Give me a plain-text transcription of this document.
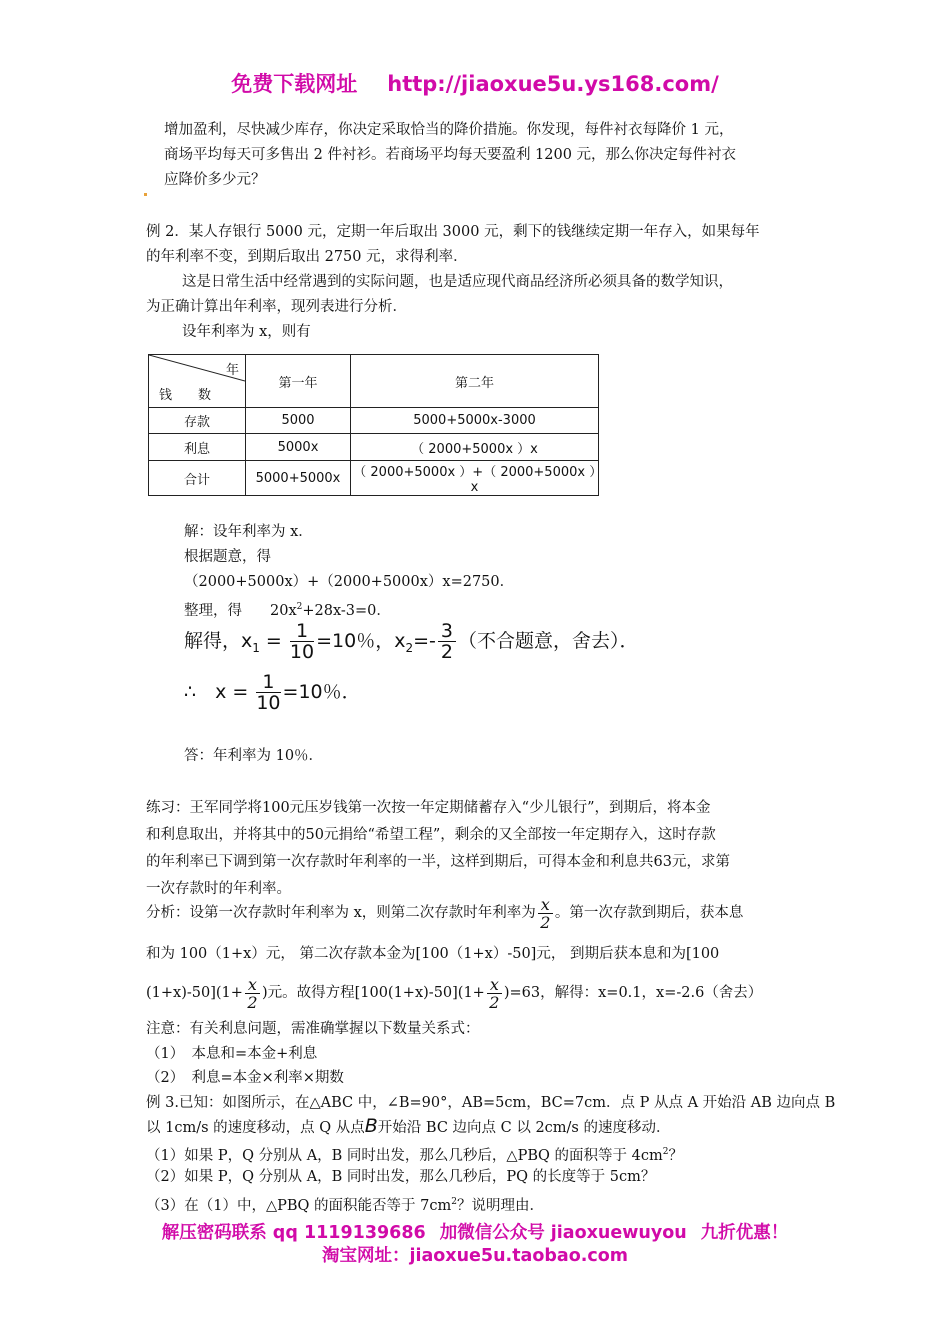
免费下载网址 http://jiaoxue5u.ys168.com/
增加盈利，尽快减少库存，你决定采取恰当的降价措施。你发现，每件衬衣每降价 1 元，
商场平均每天可多售出 2 件衬衫。若商场平均每天要盈利 1200 元，那么你决定每件衬衣
应降价多少元？
例 2．某人存银行 5000 元，定期一年后取出 3000 元，剩下的钱继续定期一年存入，如果每年
的年利率不变，到期后取出 2750 元，求得利率．
这是日常生活中经常遇到的实际问题，也是适应现代商品经济所必须具备的数学知识，
为正确计算出年利率，现列表进行分析．
设年利率为 x，则有
年
钱　　数	第一年	第二年
存款	5000	5000+5000x-3000
利息	5000x	（ 2000+5000x ）x
合计	5000+5000x	（ 2000+5000x ）+（ 2000+5000x ）x
解：设年利率为 x．
根据题意，得
（2000+5000x）+（2000+5000x）x=2750．
整理，得 $20x^2+28x-3=0$．
解得，$x_1 = \frac{1}{10} =10$％，$x_2=- \frac{3}{2}$ （不合题意，舍去）．
∴　$x = \frac{1}{10} =10$％．
答：年利率为 10％．
练习：王军同学将100元压岁钱第一次按一年定期储蓄存入“少儿银行”，到期后，将本金
和利息取出，并将其中的50元捐给“希望工程”，剩余的又全部按一年定期存入，这时存款
的年利率已下调到第一次存款时年利率的一半，这样到期后，可得本金和利息共63元，求第
一次存款时的年利率。
分析：设第一次存款时年利率为 x，则第二次存款时年利率为 $\frac{x}{2}$ 。第一次存款到期后，获本息
和为 100（1+x）元， 第二次存款本金为[100（1+x）-50]元， 到期后获本息和为[100
$(1+x)-50](1+ \frac{x}{2}$ )元。故得方程$[100(1+x)-50](1+ \frac{x}{2} )=63$，解得：x=0.1，x=-2.6（舍去）
注意：有关利息问题，需准确掌握以下数量关系式：
（1）　本息和=本金+利息
（2）　利息=本金×利率×期数
例 3.已知：如图所示，在△ABC 中，∠B=90°，AB=5cm，BC=7cm．点 P 从点 A 开始沿 AB 边向点 B
以 1cm/s 的速度移动，点 Q 从点B开始沿 BC 边向点 C 以 2cm/s 的速度移动．
（1）如果 P，Q 分别从 A，B 同时出发，那么几秒后，△PBQ 的面积等于 $4cm^2$？
（2）如果 P，Q 分别从 A，B 同时出发，那么几秒后，PQ 的长度等于 5cm？
（3）在（1）中，△PBQ 的面积能否等于 $7cm^2$？说明理由．
解压密码联系 qq 1119139686 加微信公众号 jiaoxuewuyou 九折优惠！
淘宝网址：jiaoxue5u.taobao.com
